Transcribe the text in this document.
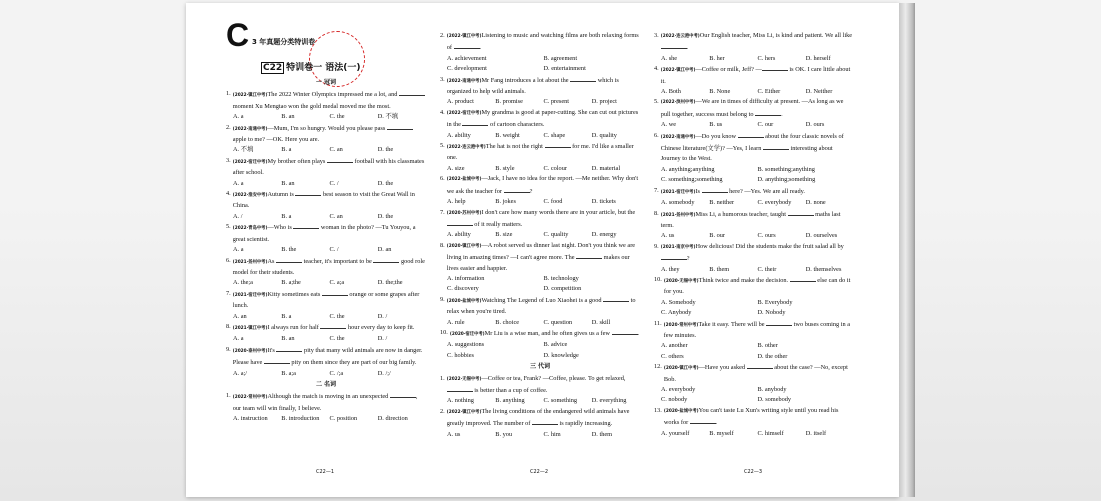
C 3 年真题分类特训卷
C22 特训卷一 语法(一)
一 冠词
1. (2022·镇江中考)The 2022 Winter Olympics impressed me a lot, and  moment Xu Mengtao won the gold medal moved me the most.
A. a	B. an	C. the	D. 不填
2. (2022·南通中考)—Mum, I'm so hungry. Would you please pass  apple to me? —OK. Here you are.
A. 不填	B. a	C. an	D. the
3. (2022·宿迁中考)My brother often plays	football with his classmates after school.
A. a	B. an	C. /	D. the
4. (2022·淮安中考)Autumn is	best season to visit the Great Wall in China.
A. /	B. a	C. an	D. the
5. (2022·青岛中考)—Who is	woman in the photo? —Tu Youyou, a great scientist.
A. a	B. the	C. /	D. an
6. (2021·扬州中考)As	teacher, it's important to be	good role model for their students.
A. the;a	B. a;the	C. a;a	D. the;the
7. (2021·宿迁中考)Kitty sometimes eats	orange or some grapes after lunch.
A. an	B. a	C. the	D. /
8. (2021·镇江中考)I always run for half	hour every day to keep fit.
A. a	B. an	C. the	D. /
9. (2020·泰州中考)It's	pity that many wild animals are now in danger. Please have	pity on them since they are part of our big family.
A. a;/	B. a;a	C. /;a	D. /;/
二 名词
1. (2022·常州中考)Although the match is moving in an unexpected	, our team will win finally, I believe.
A. instruction	B. introduction	C. position	D. direction
2. (2022·镇江中考)Listening to music and watching films are both relaxing forms of	.
A. achievement	B. agreement
C. development	D. entertainment
3. (2022·南通中考)Mr Fang introduces a lot about the	which is organized to help wild animals.
A. product	B. promise	C. present	D. project
4. (2022·宿迁中考)My grandma is good at paper-cutting. She can cut out pictures in the	of cartoon characters.
A. ability	B. weight	C. shape	D. quality
5. (2022·连云港中考)The hat is not the right	for me. I'd like a smaller one.
A. size	B. style	C. colour	D. material
6. (2022·盐城中考)—Jack, I have no idea for the report. —Me neither. Why don't we ask the teacher for	?
A. help	B. jokes	C. food	D. tickets
7. (2020·苏州中考)I don't care how many words there are in your article, but the  of it really matters.
A. ability	B. size	C. quality	D. energy
8. (2020·镇江中考)—A robot served us dinner last night. Don't you think we are living in amazing times? —I can't agree more. The	makes our lives easier and happier.
A. information	B. technology
C. discovery	D. competition
9. (2020·盐城中考)Watching The Legend of Luo Xiaohei is a good	to relax when you're tired.
A. rule	B. choice	C. question	D. skill
10. (2020·宿迁中考)Mr Liu is a wise man, and he often gives us a few	.
A. suggestions	B. advice
C. hobbies	D. knowledge
三 代词
1. (2022·无锡中考)—Coffee or tea, Frank? —Coffee, please. To get relaxed,  is better than a cup of coffee.
A. nothing	B. anything	C. something	D. everything
2. (2022·镇江中考)The living conditions of the endangered wild animals have greatly improved. The number of	is rapidly increasing.
A. us	B. you	C. him	D. them
3. (2022·连云港中考)Our English teacher, Miss Li, is kind and patient. We all like .
A. she	B. her	C. hers	D. herself
4. (2022·镇江中考)—Coffee or milk, Jeff? —	is OK. I care little about it.
A. Both	B. None	C. Either	D. Neither
5. (2022·滨州中考)—We are in times of difficulty at present. —As long as we pull together, success must belong to	.
A. we	B. us	C. our	D. ours
6. (2022·南通中考)—Do you know	about the four classic novels of Chinese literature(文学)? —Yes, I learn	interesting about Journey to the West.
A. anything;anything	B. something;anything
C. something;something	D. anything;something
7. (2021·宿迁中考)Is	here? —Yes. We are all ready.
A. somebody	B. neither	C. everybody	D. none
8. (2021·扬州中考)Miss Li, a humorous teacher, taught	maths last term.
A. us	B. our	C. ours	D. ourselves
9. (2021·南京中考)How delicious! Did the students make the fruit salad all by ?
A. they	B. them	C. their	D. themselves
10. (2020·无锡中考)Think twice and make the decision.	else can do it for you.
A. Somebody	B. Everybody
C. Anybody	D. Nobody
11. (2020·常州中考)Take it easy. There will be	two buses coming in a few minutes.
A. another	B. other
C. others	D. the other
12. (2020·镇江中考)—Have you asked	about the case? —No, except Bob.
A. everybody	B. anybody
C. nobody	D. somebody
13. (2020·盐城中考)You can't taste Lu Xun's writing style until you read his works for	.
A. yourself	B. myself	C. himself	D. itself
C22—1	C22—2	C22—3
